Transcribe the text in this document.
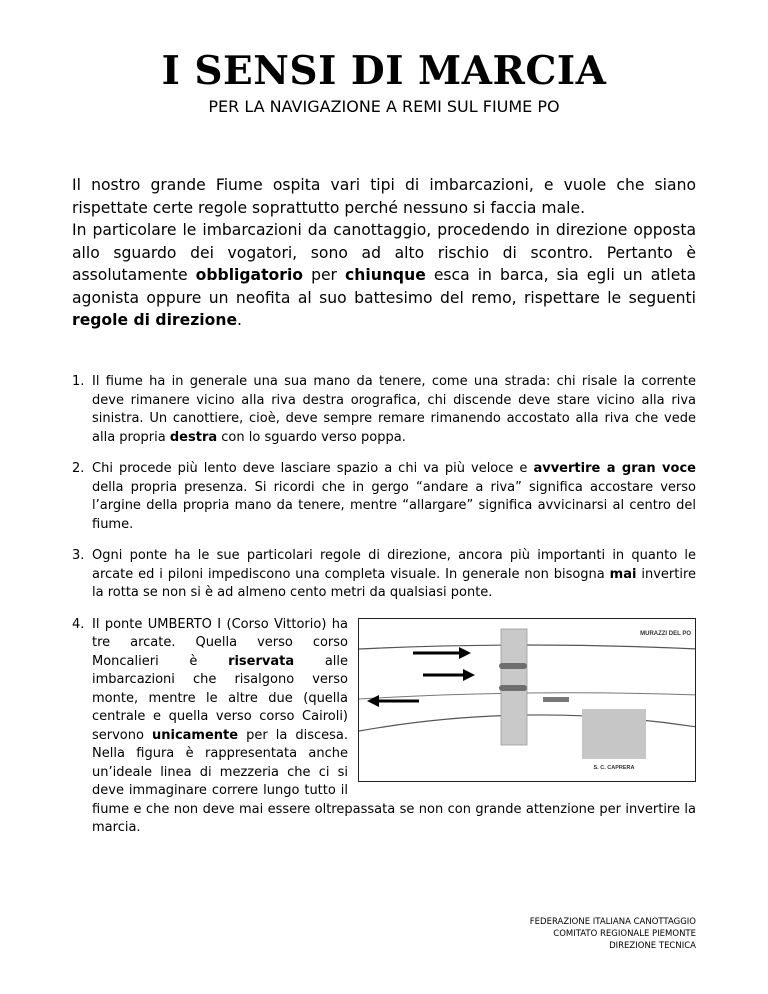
I SENSI DI MARCIA
PER LA NAVIGAZIONE A REMI SUL FIUME PO

Il nostro grande Fiume ospita vari tipi di imbarcazioni, e vuole che siano rispettate certe regole soprattutto perché nessuno si faccia male.

In particolare le imbarcazioni da canottaggio, procedendo in direzione opposta allo sguardo dei vogatori, sono ad alto rischio di scontro. Pertanto è assolutamente obbligatorio per chiunque esca in barca, sia egli un atleta agonista oppure un neofita al suo battesimo del remo, rispettare le seguenti regole di direzione.

1. Il fiume ha in generale una sua mano da tenere, come una strada: chi risale la corrente deve rimanere vicino alla riva destra orografica, chi discende deve stare vicino alla riva sinistra. Un canottiere, cioè, deve sempre remare rimanendo accostato alla riva che vede alla propria destra con lo sguardo verso poppa.
2. Chi procede più lento deve lasciare spazio a chi va più veloce e avvertire a gran voce della propria presenza. Si ricordi che in gergo “andare a riva” significa accostare verso l’argine della propria mano da tenere, mentre “allargare” significa avvicinarsi al centro del fiume.
3. Ogni ponte ha le sue particolari regole di direzione, ancora più importanti in quanto le arcate ed i piloni impediscono una completa visuale. In generale non bisogna mai invertire la rotta se non si è ad almeno cento metri da qualsiasi ponte.
4.
MURAZZI DEL PO
S. C. CAPRERA
Il ponte UMBERTO I (Corso Vittorio) ha tre arcate. Quella verso corso Moncalieri è riservata alle imbarcazioni che risalgono verso monte, mentre le altre due (quella centrale e quella verso corso Cairoli) servono unicamente per la discesa. Nella figura è rappresentata anche un’ideale linea di mezzeria che ci si deve immaginare correre lungo tutto il fiume e che non deve mai essere oltrepassata se non con grande attenzione per invertire la marcia.
FEDERAZIONE ITALIANA CANOTTAGGIO
COMITATO REGIONALE PIEMONTE
DIREZIONE TECNICA
